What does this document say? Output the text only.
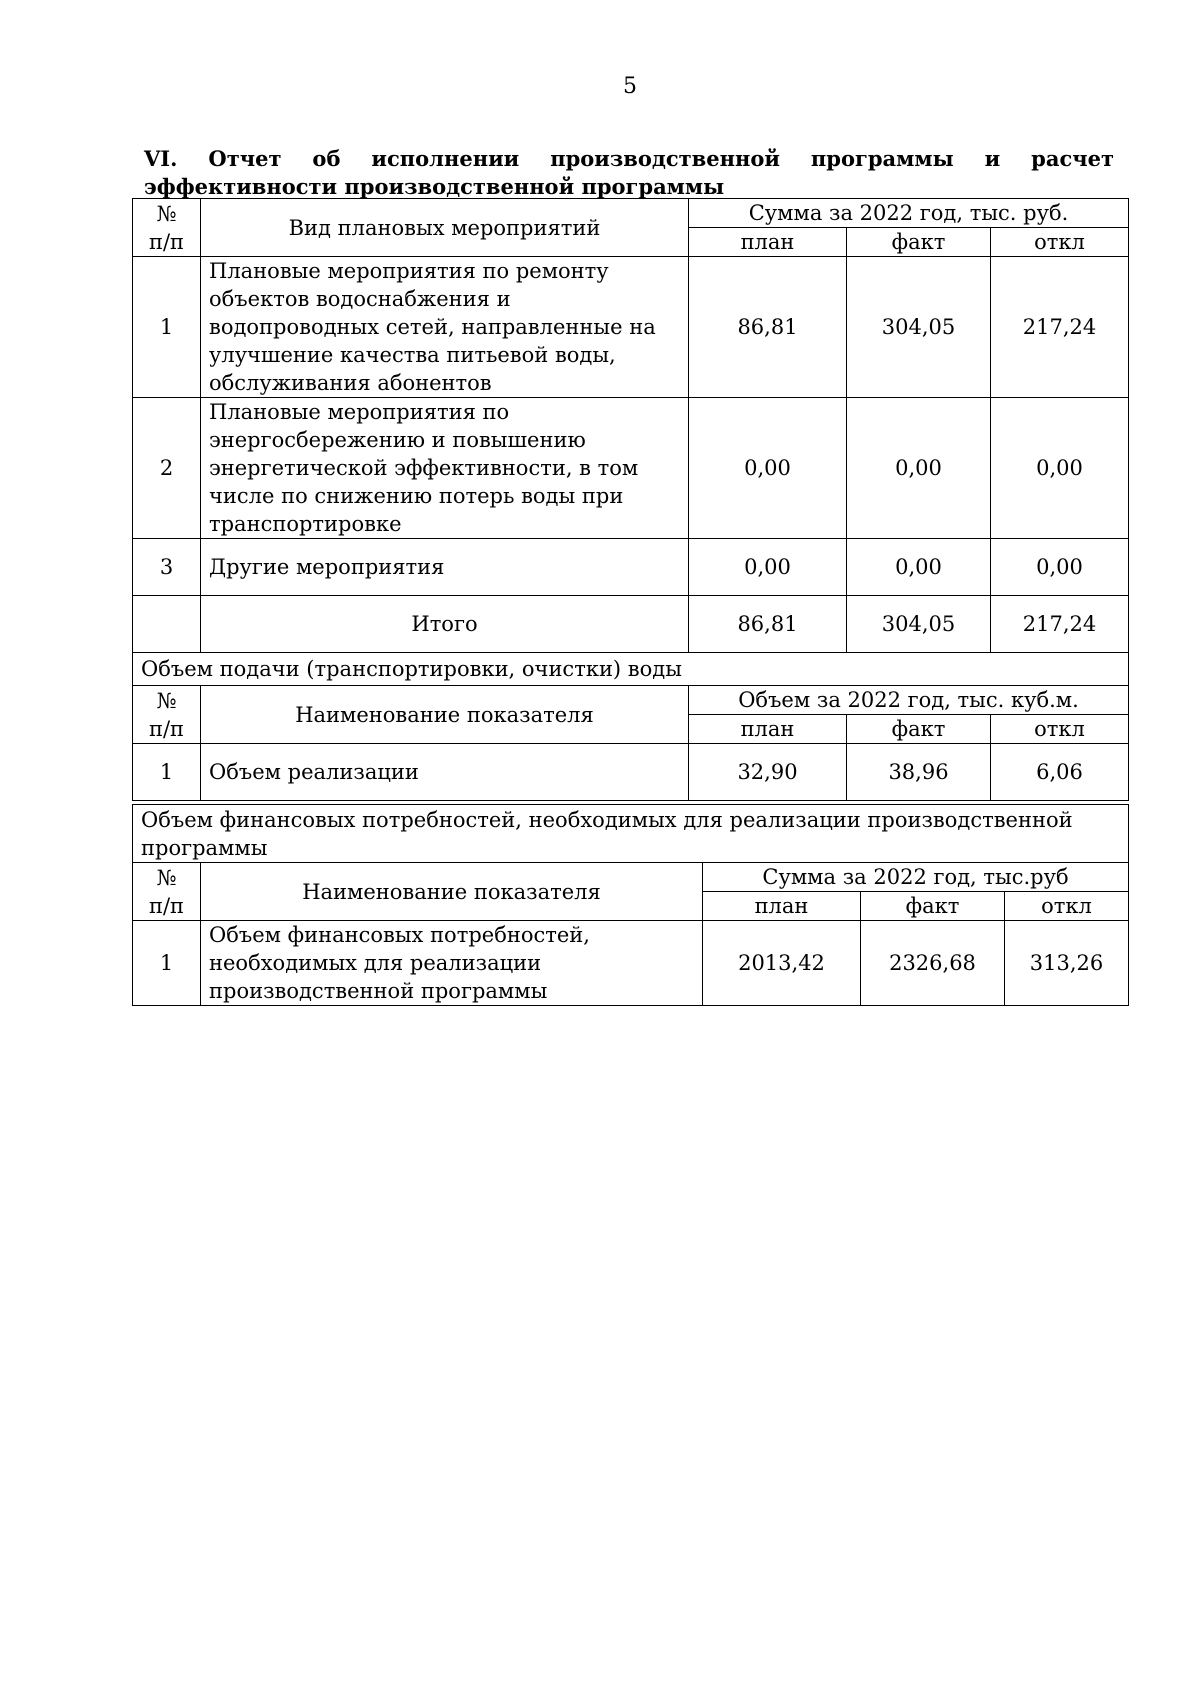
5
VI. Отчет об исполнении производственной программы и расчет эффективности производственной программы
№
п/п	Вид плановых мероприятий	Сумма за 2022 год, тыс. руб.		
		план	факт	откл
1	Плановые мероприятия по ремонту объектов водоснабжения и водопроводных сетей, направленные на улучшение качества питьевой воды, обслуживания абонентов	86,81	304,05	217,24
2	Плановые мероприятия по энергосбережению и повышению энергетической эффективности, в том числе по снижению потерь воды при транспортировке	0,00	0,00	0,00
3	Другие мероприятия	0,00	0,00	0,00
	Итого	86,81	304,05	217,24
Объем подачи (транспортировки, очистки) воды				
№
п/п	Наименование показателя	Объем за 2022 год, тыс. куб.м.		
		план	факт	откл
1	Объем реализации	32,90	38,96	6,06
Объем финансовых потребностей, необходимых для реализации производственной программы				
№
п/п	Наименование показателя	Сумма за 2022 год, тыс.руб		
		план	факт	откл
1	Объем финансовых потребностей, необходимых для реализации производственной программы	2013,42	2326,68	313,26
